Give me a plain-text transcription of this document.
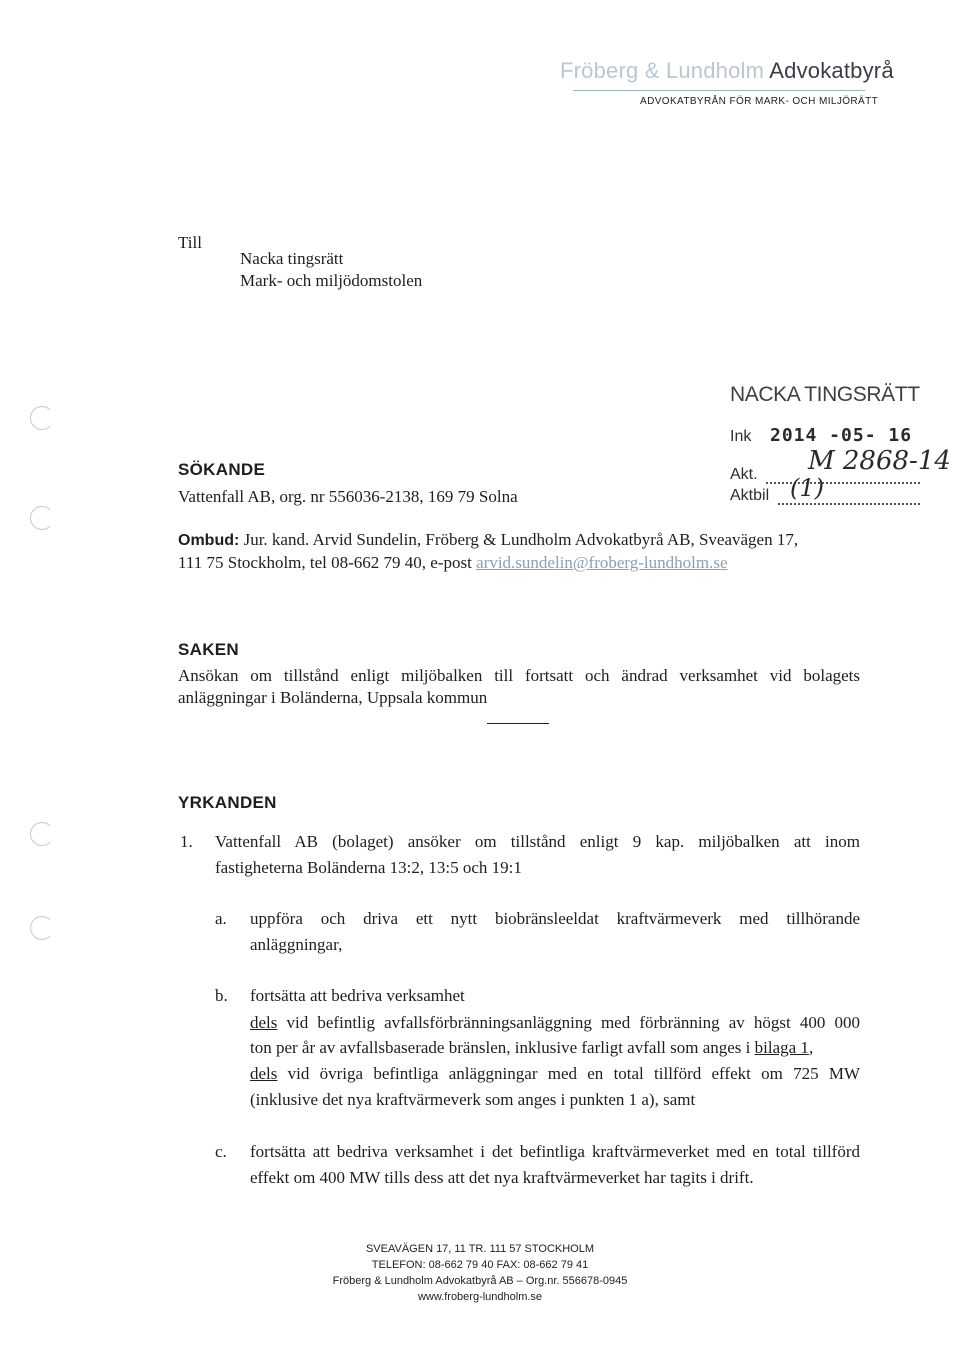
Fröberg & Lundholm Advokatbyrå
ADVOKATBYRÅN FÖR MARK- OCH MILJÖRÄTT
Till
Nacka tingsrätt
Mark- och miljödomstolen
NACKA TINGSRÄTT
Ink 2014 -05- 16
Akt. M 2868-14
Aktbil (1)
SÖKANDE
Vattenfall AB, org. nr 556036-2138, 169 79 Solna
Ombud: Jur. kand. Arvid Sundelin, Fröberg & Lundholm Advokatbyrå AB, Sveavägen 17,
111 75 Stockholm, tel 08-662 79 40, e-post arvid.sundelin@froberg-lundholm.se
SAKEN
Ansökan om tillstånd enligt miljöbalken till fortsatt och ändrad verksamhet vid bolagets
anläggningar i Boländerna, Uppsala kommun
YRKANDEN
1. Vattenfall AB (bolaget) ansöker om tillstånd enligt 9 kap. miljöbalken att inom
fastigheterna Boländerna 13:2, 13:5 och 19:1
a. uppföra och driva ett nytt biobränsleeldat kraftvärmeverk med tillhörande
anläggningar,
b. fortsätta att bedriva verksamhet
dels vid befintlig avfallsförbränningsanläggning med förbränning av högst 400 000
ton per år av avfallsbaserade bränslen, inklusive farligt avfall som anges i bilaga 1,
dels vid övriga befintliga anläggningar med en total tillförd effekt om 725 MW
(inklusive det nya kraftvärmeverk som anges i punkten 1 a), samt
c. fortsätta att bedriva verksamhet i det befintliga kraftvärmeverket med en total tillförd
effekt om 400 MW tills dess att det nya kraftvärmeverket har tagits i drift.
SVEAVÄGEN 17, 11 TR. 111 57 STOCKHOLM
TELEFON: 08-662 79 40 FAX: 08-662 79 41
Fröberg & Lundholm Advokatbyrå AB – Org.nr. 556678-0945
www.froberg-lundholm.se
